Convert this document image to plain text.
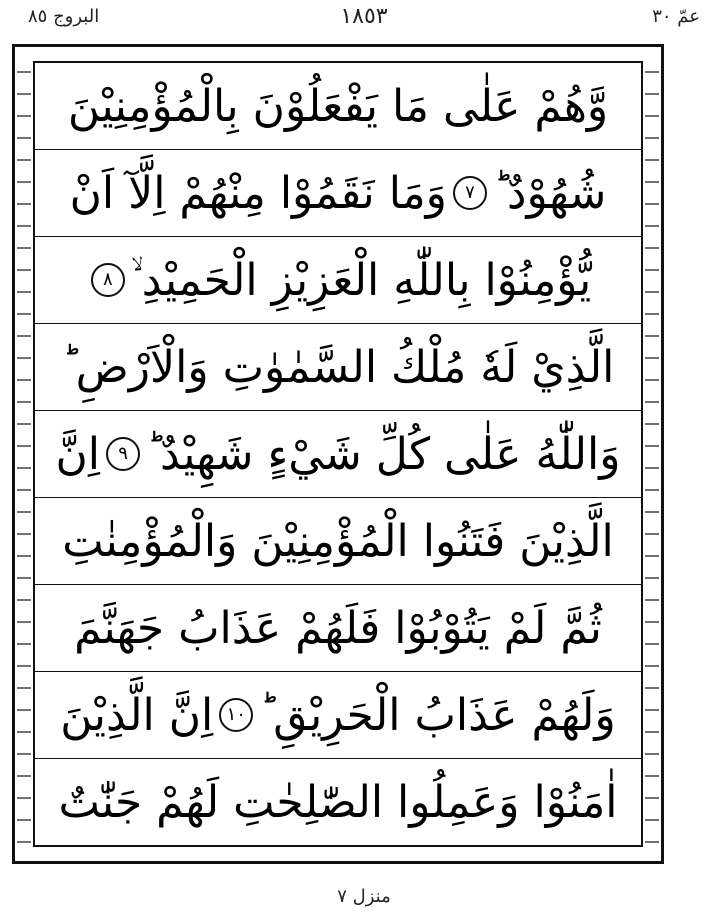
البروج ٨٥	١٨٥٣	عمّ ٣٠
وَّهُمْ عَلٰى مَا يَفْعَلُوْنَ بِالْمُؤْمِنِيْنَ
شُهُوْدٌ ؕ
٧
وَمَا نَقَمُوْا مِنْهُمْ اِلَّآ اَنْ
يُّؤْمِنُوْا بِاللّٰهِ الْعَزِيْزِ الْحَمِيْدِ ۙ
٨
الَّذِيْ لَهٗ مُلْكُ السَّمٰوٰتِ وَالْاَرْضِ ؕ
وَاللّٰهُ عَلٰى كُلِّ شَيْءٍ شَهِيْدٌ ؕ
٩
اِنَّ
الَّذِيْنَ فَتَنُوا الْمُؤْمِنِيْنَ وَالْمُؤْمِنٰتِ
ثُمَّ لَمْ يَتُوْبُوْا فَلَهُمْ عَذَابُ جَهَنَّمَ
وَلَهُمْ عَذَابُ الْحَرِيْقِ ؕ
١٠
اِنَّ الَّذِيْنَ
اٰمَنُوْا وَعَمِلُوا الصّٰلِحٰتِ لَهُمْ جَنّٰتٌ
منزل ٧
